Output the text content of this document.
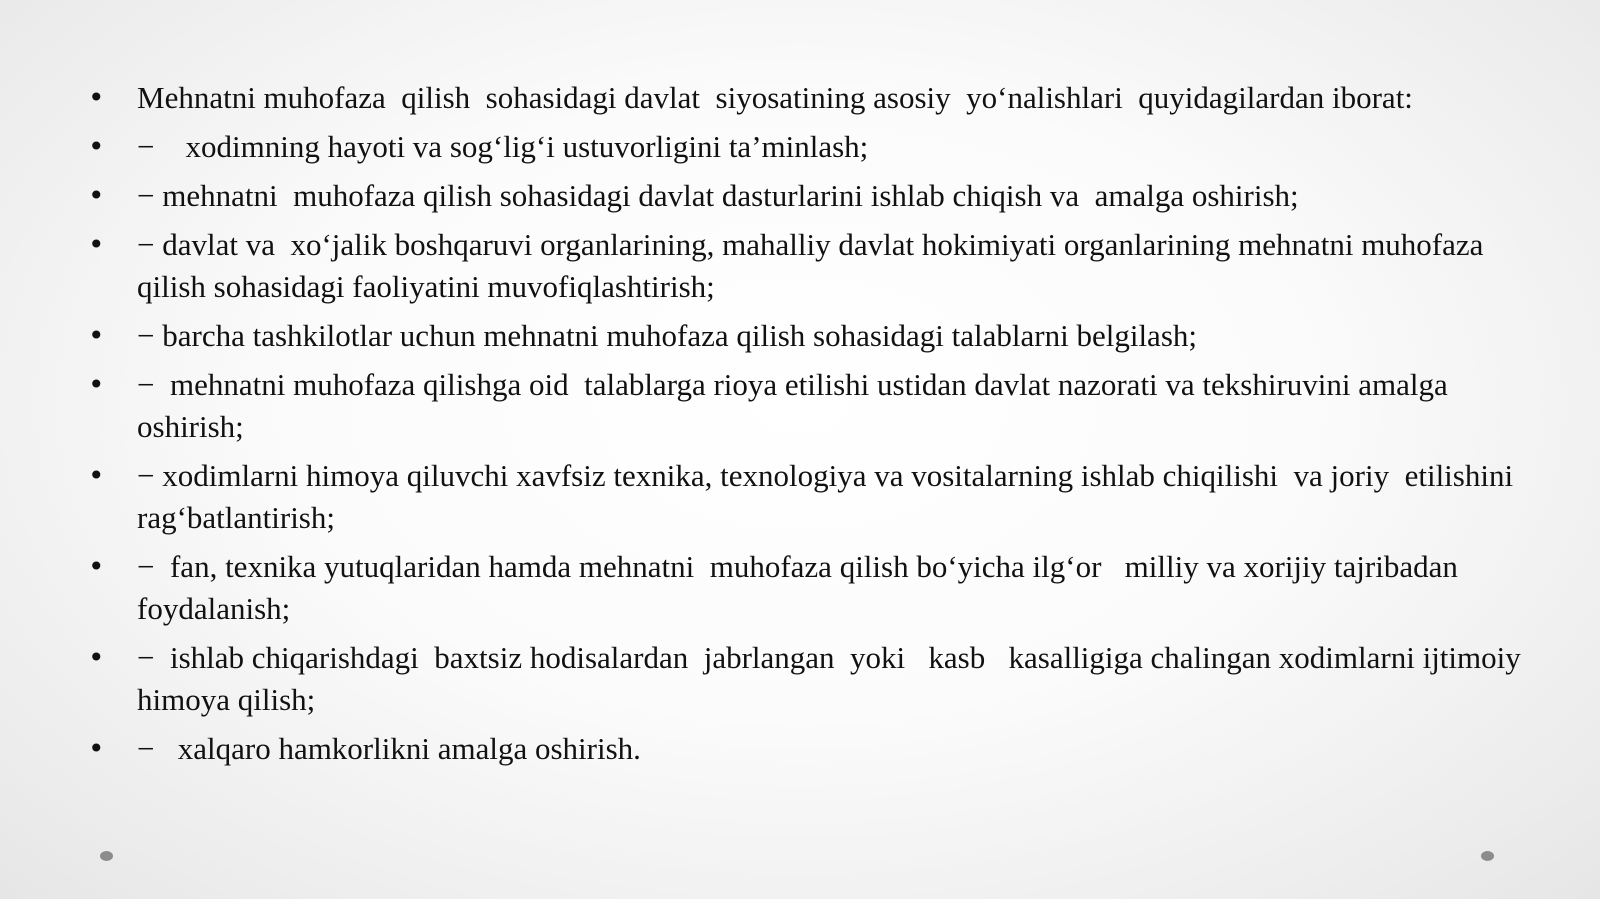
• Mehnatni muhofaza  qilish  sohasidagi davlat  siyosatining asosiy  yo‘nalishlari  quyidagilardan iborat:
• −    xodimning hayoti va sog‘lig‘i ustuvorligini ta’minlash;
• − mehnatni  muhofaza qilish sohasidagi davlat dasturlarini ishlab chiqish va  amalga oshirish;
• − davlat va  xo‘jalik boshqaruvi organlarining, mahalliy davlat hokimiyati organlarining mehnatni muhofaza qilish sohasidagi faoliyatini muvofiqlashtirish;
• − barcha tashkilotlar uchun mehnatni muhofaza qilish sohasidagi talablarni belgilash;
• −  mehnatni muhofaza qilishga oid  talablarga rioya etilishi ustidan davlat nazorati va tekshiruvini amalga oshirish;
• − xodimlarni himoya qiluvchi xavfsiz texnika, texnologiya va vositalarning ishlab chiqilishi  va joriy  etilishini rag‘batlantirish;
• −  fan, texnika yutuqlaridan hamda mehnatni  muhofaza qilish bo‘yicha ilg‘or   milliy va xorijiy tajribadan foydalanish;
• −  ishlab chiqarishdagi  baxtsiz hodisalardan  jabrlangan  yoki   kasb   kasalligiga chalingan xodimlarni ijtimoiy himoya qilish;
• −   xalqaro hamkorlikni amalga oshirish.
